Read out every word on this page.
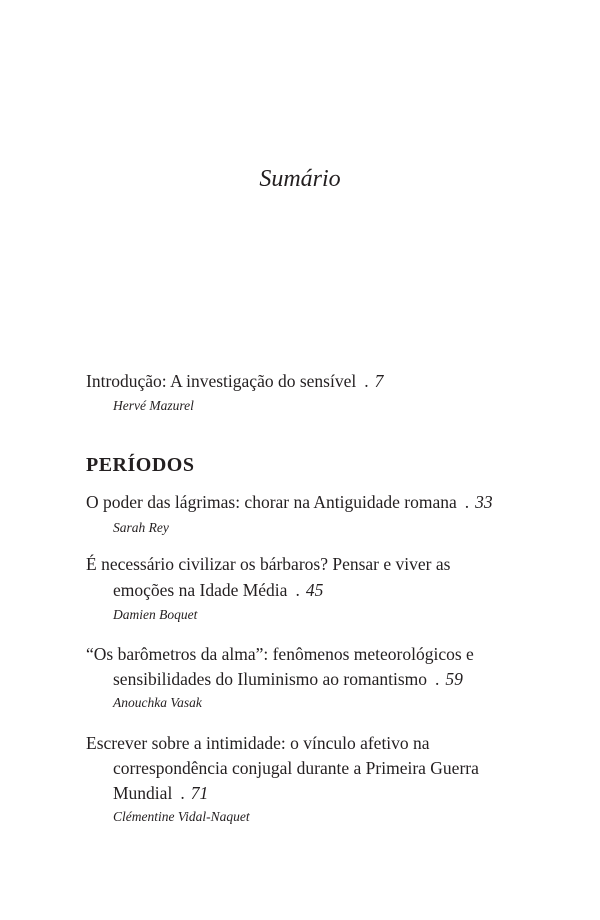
Sumário
Introdução: A investigação do sensível . 7
Hervé Mazurel
PERÍODOS
O poder das lágrimas: chorar na Antiguidade romana . 33
Sarah Rey
É necessário civilizar os bárbaros? Pensar e viver as
emoções na Idade Média . 45
Damien Boquet
“Os barômetros da alma”: fenômenos meteorológicos e
sensibilidades do Iluminismo ao romantismo . 59
Anouchka Vasak
Escrever sobre a intimidade: o vínculo afetivo na
correspondência conjugal durante a Primeira Guerra
Mundial . 71
Clémentine Vidal-Naquet
